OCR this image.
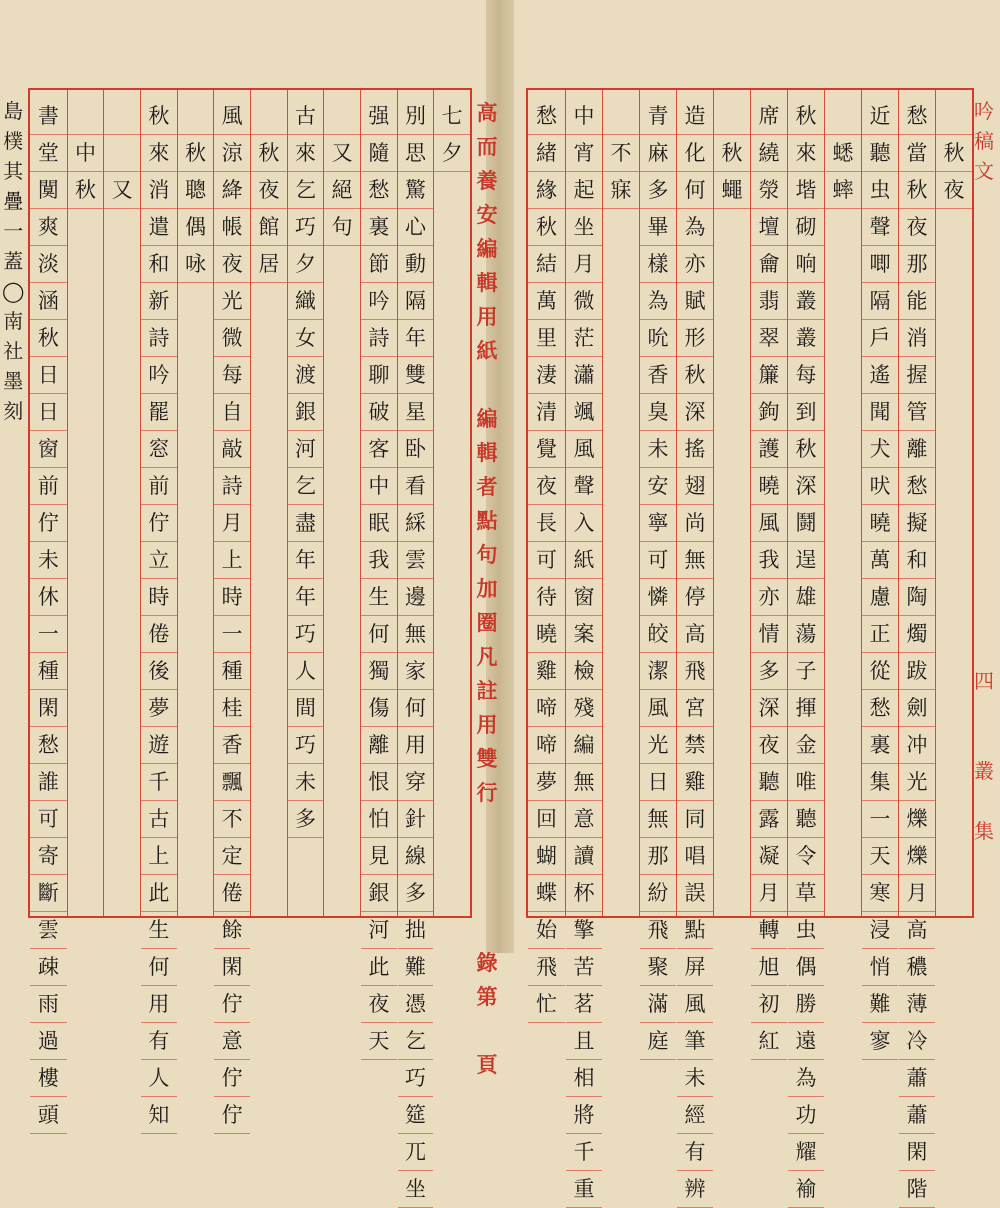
島
樸
其
疊
一
蓋
◯
南
社
墨
刻
七
夕
別
思
驚
心
動
隔
年
雙
星
卧
看
綵
雲
邊
無
家
何
用
穿
針
線
多
拙
難
憑
乞
巧
筵
兀
坐
强
隨
愁
裏
節
吟
詩
聊
破
客
中
眠
我
生
何
獨
傷
離
恨
怕
見
銀
河
此
夜
天

又
絕
句
古
來
乞
巧
夕
織
女
渡
銀
河
乞
盡
年
年
巧
人
間
巧
未
多

秋
夜
館
居
風
涼
絳
帳
夜
光
微
每
自
敲
詩
月
上
時
一
種
桂
香
飄
不
定
倦
餘
閑
佇
意
佇
佇

秋
聰
偶
咏
秋
來
消
遣
和
新
詩
吟
罷
窓
前
佇
立
時
倦
後
夢
遊
千
古
上
此
生
何
用
有
人
知

又

中
秋
書
堂
闃
爽
淡
涵
秋
日
日
窗
前
佇
未
休
一
種
閑
愁
誰
可
寄
斷
雲
疎
雨
過
樓
頭
高
而
養
安
編
輯
用
紙

編
輯
者
點
句
加
圈
凡
註
用
雙
行

錄
第

頁

秋
夜
愁
當
秋
夜
那
能
消
握
管
離
愁
擬
和
陶
燭
跋
劍
冲
光
爍
爍
月
高
穠
薄
冷
蕭
蕭
閑
階
近
聽
虫
聲
唧
隔
戶
遙
聞
犬
吠
曉
萬
慮
正
從
愁
裏
集
一
天
寒
浸
悄
難
寥

蟋
蟀
秋
來
堦
砌
响
叢
叢
每
到
秋
深
鬪
逞
雄
蕩
子
揮
金
唯
聽
令
草
虫
偶
勝
遠
為
功
耀
褕
席
繞
滎
壇
龠
翡
翠
簾
鉤
護
曉
風
我
亦
情
多
深
夜
聽
露
凝
月
轉
旭
初
紅

秋
蠅
造
化
何
為
亦
賦
形
秋
深
搖
翅
尚
無
停
高
飛
宮
禁
雞
同
唱
誤
點
屏
風
筆
未
經
有
辨
青
麻
多
畢
樣
為
吮
香
臭
未
安
寧
可
憐
皎
潔
風
光
日
無
那
紛
飛
聚
滿
庭

不
寐
中
宵
起
坐
月
微
茫
瀟
颯
風
聲
入
紙
窗
案
檢
殘
編
無
意
讀
杯
擎
苦
茗
且
相
將
千
重
愁
緒
緣
秋
結
萬
里
淒
清
覺
夜
長
可
待
曉
雞
啼
啼
夢
回
蝴
蝶
始
飛
忙
吟
稿
文

四

叢

集
